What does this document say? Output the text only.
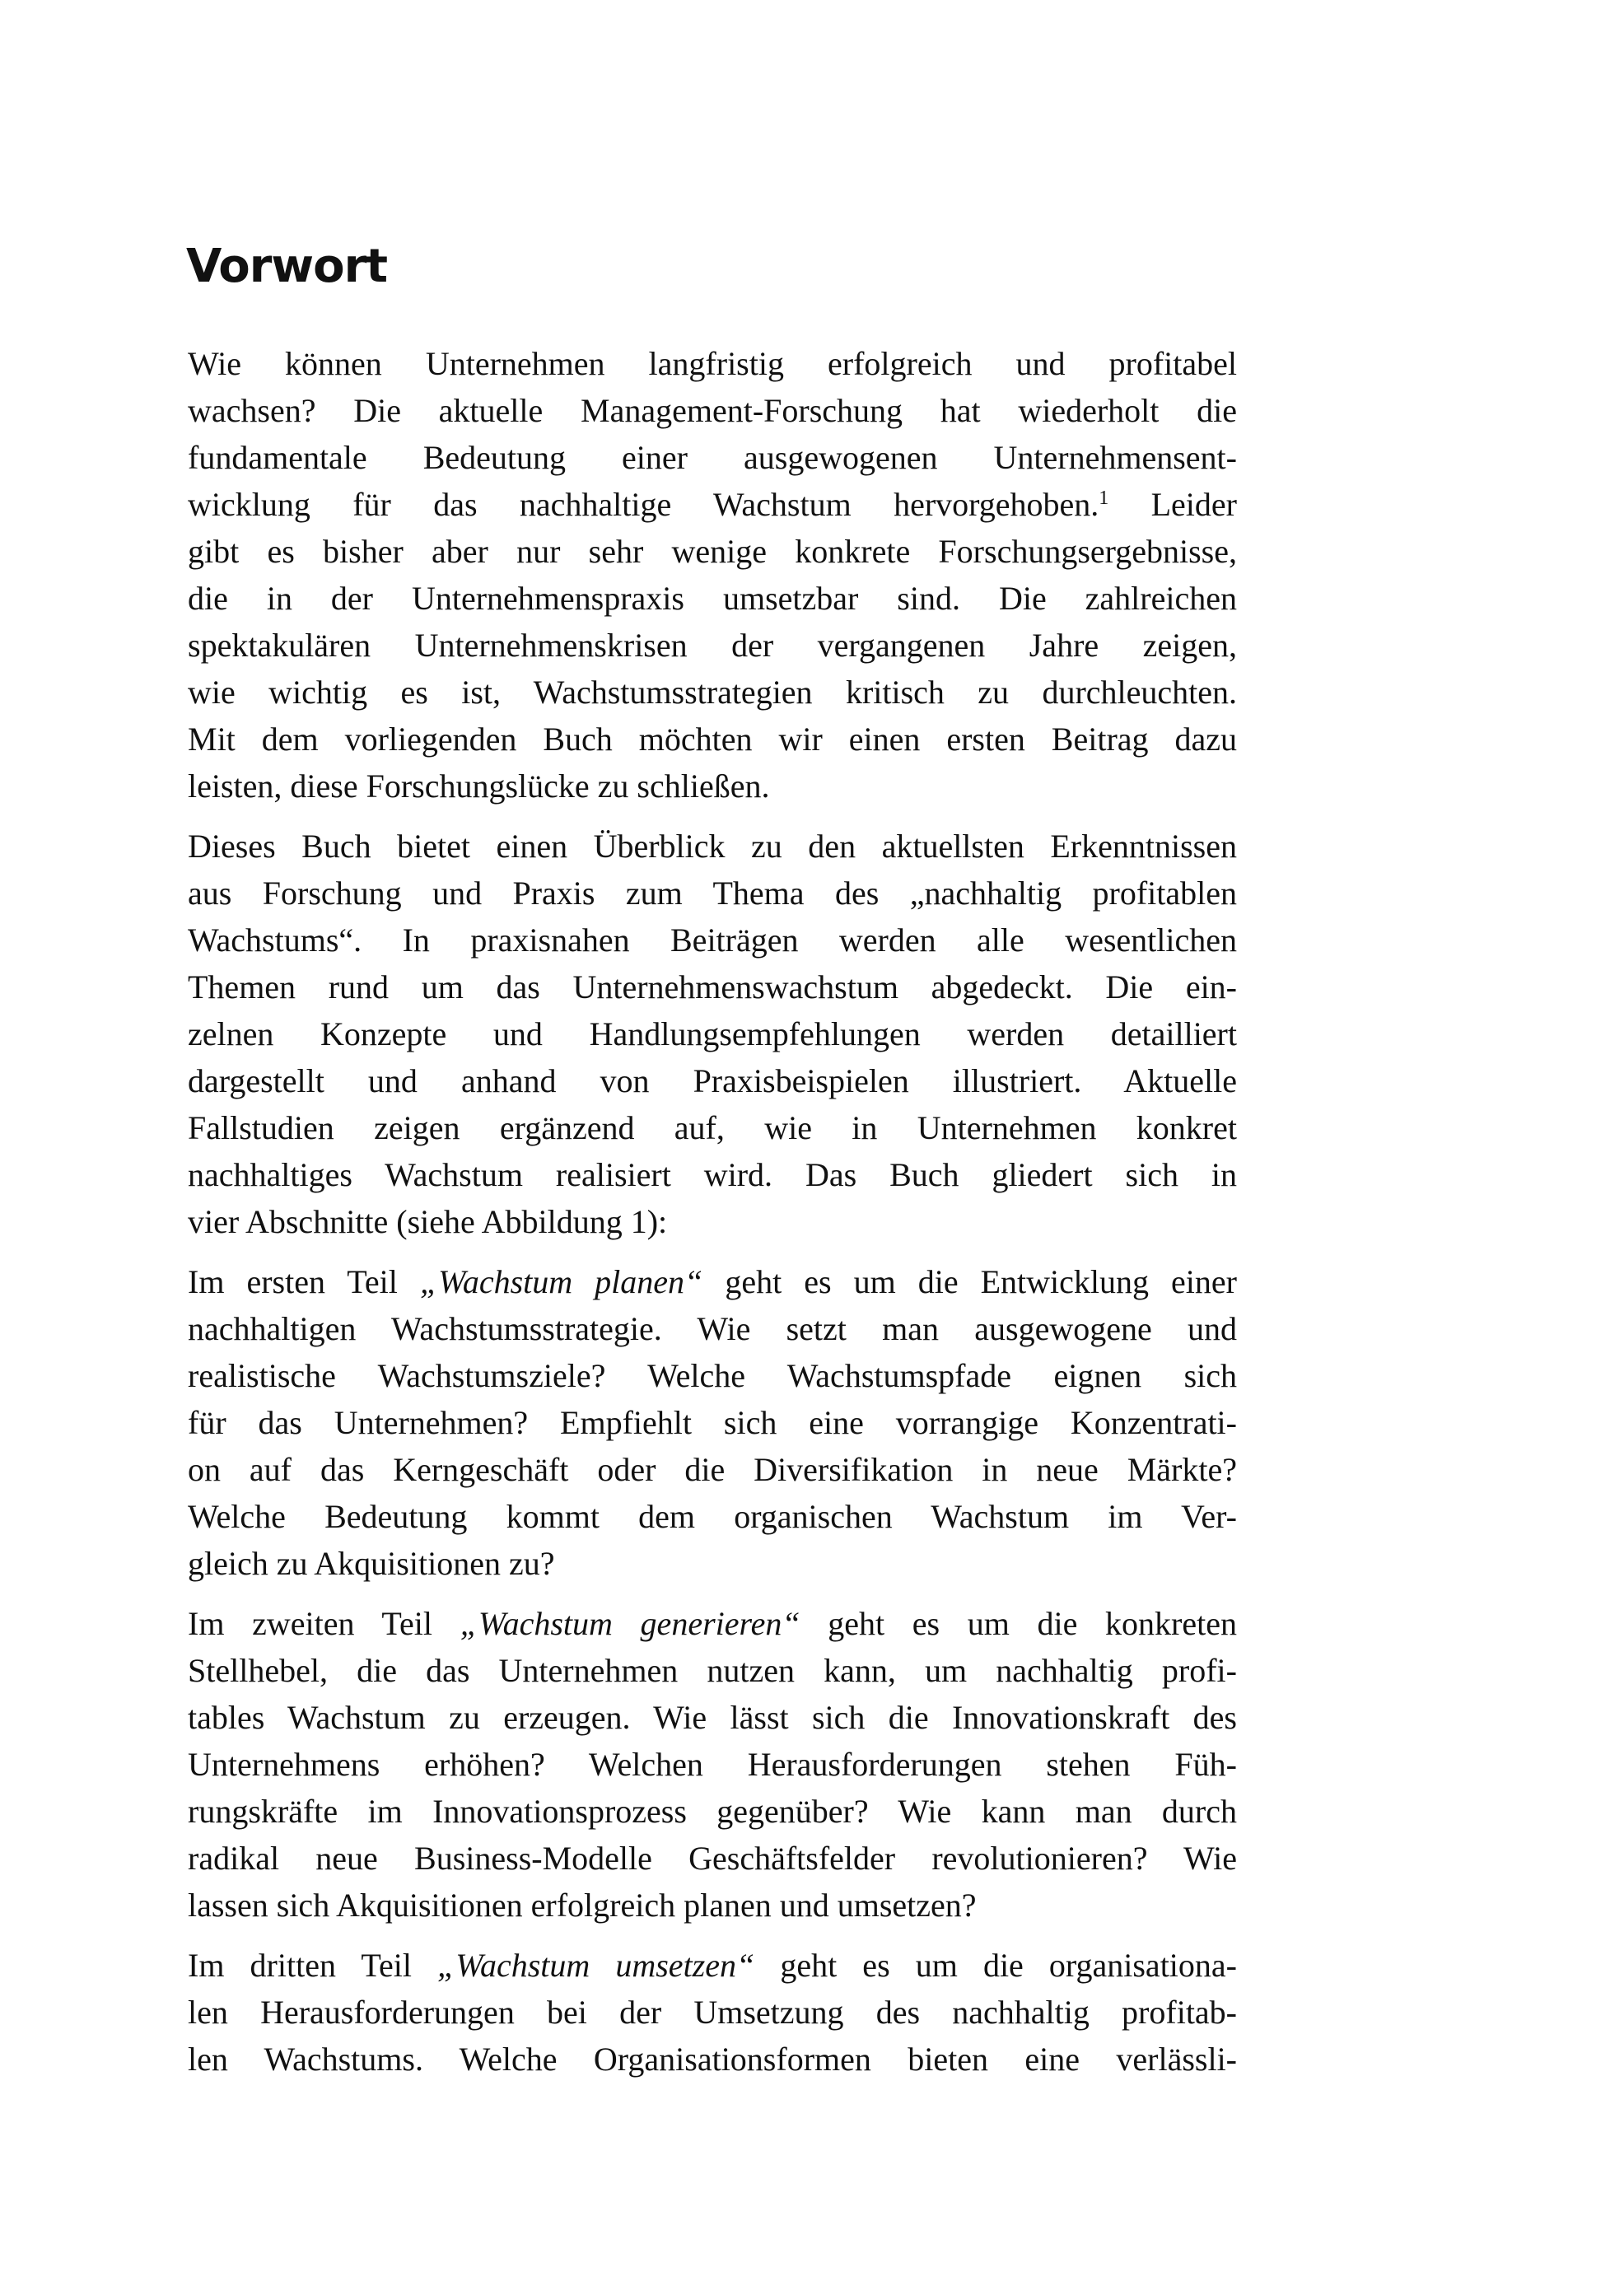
Vorwort

Wie können Unternehmen langfristig erfolgreich und profitabel
wachsen? Die aktuelle Management-Forschung hat wiederholt die
fundamentale Bedeutung einer ausgewogenen Unternehmensent-
wicklung für das nachhaltige Wachstum hervorgehoben.$^1$ Leider
gibt es bisher aber nur sehr wenige konkrete Forschungsergebnisse,
die in der Unternehmenspraxis umsetzbar sind. Die zahlreichen
spektakulären Unternehmenskrisen der vergangenen Jahre zeigen,
wie wichtig es ist, Wachstumsstrategien kritisch zu durchleuchten.
Mit dem vorliegenden Buch möchten wir einen ersten Beitrag dazu
leisten, diese Forschungslücke zu schließen.

Dieses Buch bietet einen Überblick zu den aktuellsten Erkenntnissen
aus Forschung und Praxis zum Thema des „nachhaltig profitablen
Wachstums“. In praxisnahen Beiträgen werden alle wesentlichen
Themen rund um das Unternehmenswachstum abgedeckt. Die ein-
zelnen Konzepte und Handlungsempfehlungen werden detailliert
dargestellt und anhand von Praxisbeispielen illustriert. Aktuelle
Fallstudien zeigen ergänzend auf, wie in Unternehmen konkret
nachhaltiges Wachstum realisiert wird. Das Buch gliedert sich in
vier Abschnitte (siehe Abbildung 1):

Im ersten Teil „Wachstum planen“ geht es um die Entwicklung einer
nachhaltigen Wachstumsstrategie. Wie setzt man ausgewogene und
realistische Wachstumsziele? Welche Wachstumspfade eignen sich
für das Unternehmen? Empfiehlt sich eine vorrangige Konzentrati-
on auf das Kerngeschäft oder die Diversifikation in neue Märkte?
Welche Bedeutung kommt dem organischen Wachstum im Ver-
gleich zu Akquisitionen zu?

Im zweiten Teil „Wachstum generieren“ geht es um die konkreten
Stellhebel, die das Unternehmen nutzen kann, um nachhaltig profi-
tables Wachstum zu erzeugen. Wie lässt sich die Innovationskraft des
Unternehmens erhöhen? Welchen Herausforderungen stehen Füh-
rungskräfte im Innovationsprozess gegenüber? Wie kann man durch
radikal neue Business-Modelle Geschäftsfelder revolutionieren? Wie
lassen sich Akquisitionen erfolgreich planen und umsetzen?

Im dritten Teil „Wachstum umsetzen“ geht es um die organisationa-
len Herausforderungen bei der Umsetzung des nachhaltig profitab-
len Wachstums. Welche Organisationsformen bieten eine verlässli-
